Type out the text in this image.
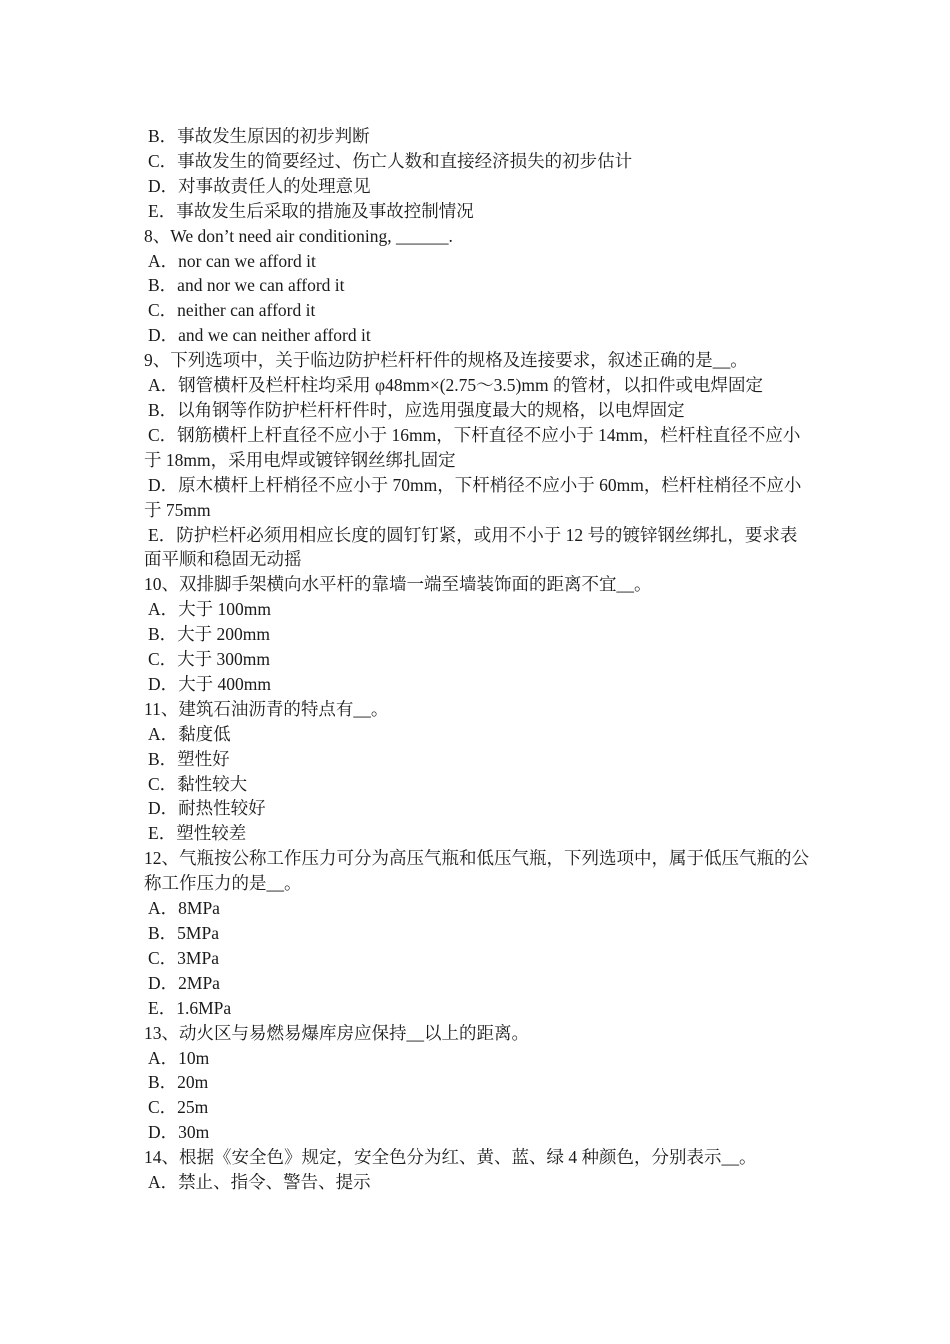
B．事故发生原因的初步判断
C．事故发生的简要经过、伤亡人数和直接经济损失的初步估计
D．对事故责任人的处理意见
E．事故发生后采取的措施及事故控制情况
8、We don’t need air conditioning, ______.
A．nor can we afford it
B．and nor we can afford it
C．neither can afford it
D．and we can neither afford it
9、下列选项中，关于临边防护栏杆杆件的规格及连接要求，叙述正确的是__。
A．钢管横杆及栏杆柱均采用 φ48mm×(2.75～3.5)mm 的管材，以扣件或电焊固定
B．以角钢等作防护栏杆杆件时，应选用强度最大的规格，以电焊固定
C．钢筋横杆上杆直径不应小于 16mm，下杆直径不应小于 14mm，栏杆柱直径不应小于 18mm，采用电焊或镀锌钢丝绑扎固定
D．原木横杆上杆梢径不应小于 70mm，下杆梢径不应小于 60mm，栏杆柱梢径不应小于 75mm
E．防护栏杆必须用相应长度的圆钉钉紧，或用不小于 12 号的镀锌钢丝绑扎，要求表面平顺和稳固无动摇
10、双排脚手架横向水平杆的靠墙一端至墙装饰面的距离不宜__。
A．大于 100mm
B．大于 200mm
C．大于 300mm
D．大于 400mm
11、建筑石油沥青的特点有__。
A．黏度低
B．塑性好
C．黏性较大
D．耐热性较好
E．塑性较差
12、气瓶按公称工作压力可分为高压气瓶和低压气瓶，下列选项中，属于低压气瓶的公称工作压力的是__。
A．8MPa
B．5MPa
C．3MPa
D．2MPa
E．1.6MPa
13、动火区与易燃易爆库房应保持__以上的距离。
A．10m
B．20m
C．25m
D．30m
14、根据《安全色》规定，安全色分为红、黄、蓝、绿 4 种颜色，分别表示__。
A．禁止、指令、警告、提示
